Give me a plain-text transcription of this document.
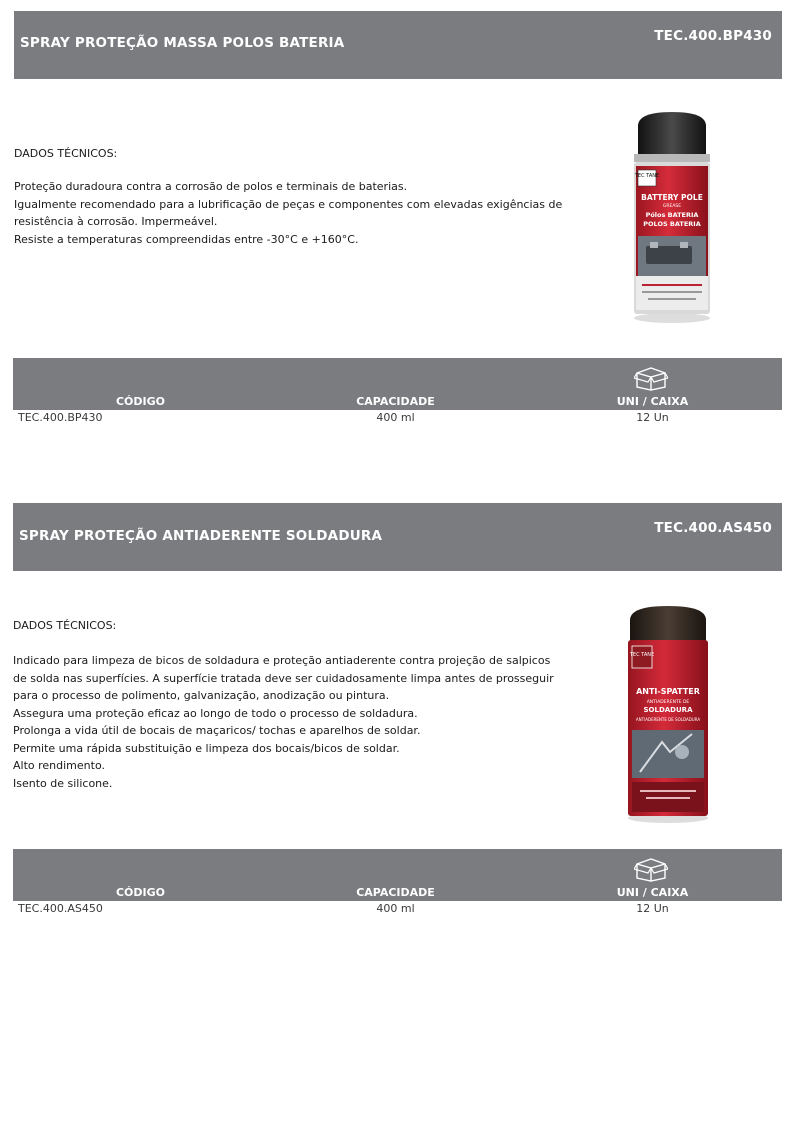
SPRAY PROTEÇÃO MASSA POLOS BATERIA	TEC.400.BP430
DADOS TÉCNICOS:

Proteção duradoura contra a corrosão de polos e terminais de baterias.

Igualmente recomendado para a lubrificação de peças e componentes com elevadas exigências de resistência à corrosão. Impermeável.

Resiste a temperaturas compreendidas entre -30°C e +160°C.

TEC TANE
BATTERY POLE
GREASE
Pólos BATERIA
POLOS BATERIA
CÓDIGO	CAPACIDADE	UNI / CAIXA
TEC.400.BP430	400 ml	12 Un
SPRAY PROTEÇÃO ANTIADERENTE SOLDADURA	TEC.400.AS450
DADOS TÉCNICOS:

Indicado para limpeza de bicos de soldadura e proteção antiaderente contra projeção de salpicos de solda nas superfícies. A superfície tratada deve ser cuidadosamente limpa antes de prosseguir para o processo de polimento, galvanização, anodização ou pintura.

Assegura uma proteção eficaz ao longo de todo o processo de soldadura.

Prolonga a vida útil de bocais de maçaricos/ tochas e aparelhos de soldar.

Permite uma rápida substituição e limpeza dos bocais/bicos de soldar.

Alto rendimento.

Isento de silicone.

TEC TANE
ANTI-SPATTER
ANTIADERENTE DE
SOLDADURA
ANTIADERENTE DE SOLDADURA
CÓDIGO	CAPACIDADE	UNI / CAIXA
TEC.400.AS450	400 ml	12 Un
